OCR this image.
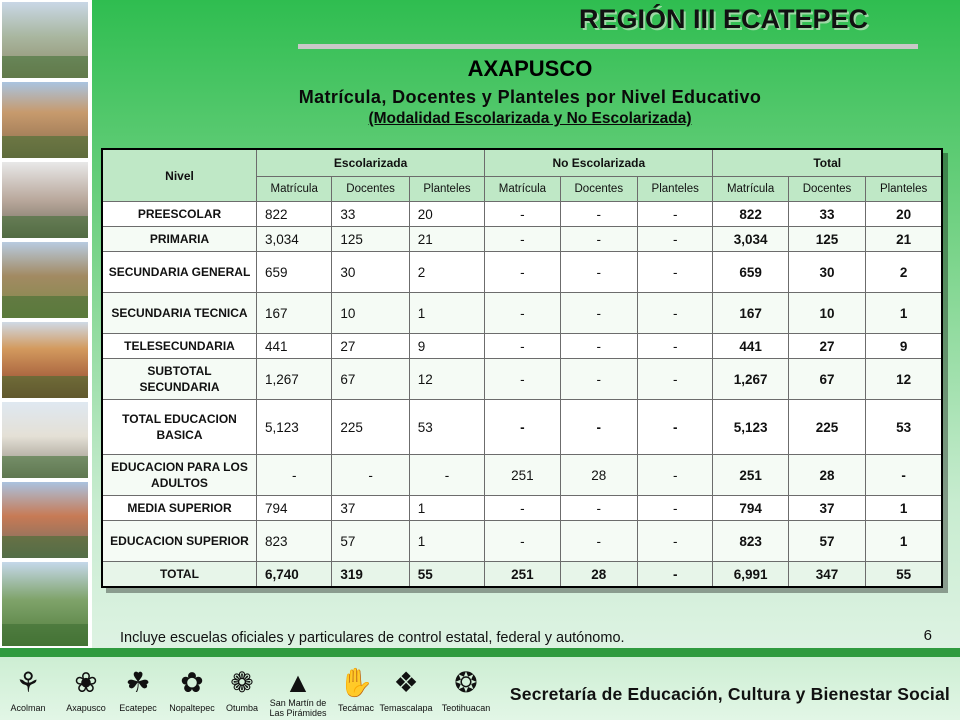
REGIÓN III ECATEPEC
AXAPUSCO
Matrícula, Docentes y Planteles por Nivel Educativo
(Modalidad Escolarizada y No Escolarizada)
Nivel	Escolarizada			No Escolarizada			Total		
	Matrícula	Docentes	Planteles	Matrícula	Docentes	Planteles	Matrícula	Docentes	Planteles
PREESCOLAR	822	33	20	-	-	-	822	33	20
PRIMARIA	3,034	125	21	-	-	-	3,034	125	21
SECUNDARIA GENERAL	659	30	2	-	-	-	659	30	2
SECUNDARIA TECNICA	167	10	1	-	-	-	167	10	1
TELESECUNDARIA	441	27	9	-	-	-	441	27	9
SUBTOTAL SECUNDARIA	1,267	67	12	-	-	-	1,267	67	12
TOTAL EDUCACION BASICA	5,123	225	53	-	-	-	5,123	225	53
EDUCACION PARA LOS ADULTOS	-	-	-	251	28	-	251	28	-
MEDIA SUPERIOR	794	37	1	-	-	-	794	37	1
EDUCACION SUPERIOR	823	57	1	-	-	-	823	57	1
TOTAL	6,740	319	55	251	28	-	6,991	347	55
Incluye escuelas oficiales y particulares de control estatal, federal y autónomo.	6
⚘
Acolman
❀
Axapusco
☘
Ecatepec
✿
Nopaltepec
❁
Otumba
▲
San Martín de Las Pirámides
✋
Tecámac
❖
Temascalapa
❂
Teotihuacan
Secretaría de Educación, Cultura y Bienestar Social
